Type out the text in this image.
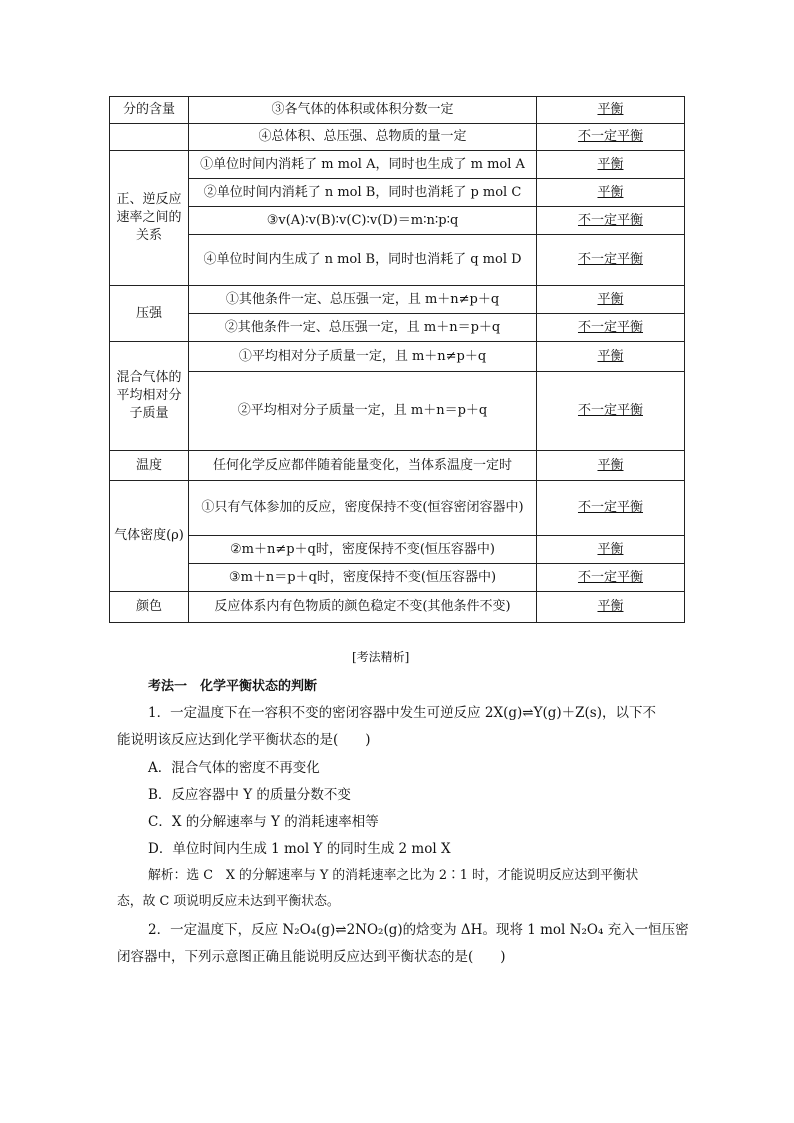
分的含量	③各气体的体积或体积分数一定	平衡
	④总体积、总压强、总物质的量一定	不一定平衡
正、逆反应速率之间的关系	①单位时间内消耗了 m mol A，同时也生成了 m mol A	平衡
	②单位时间内消耗了 n mol B，同时也消耗了 p mol C	平衡
	③v(A)∶v(B)∶v(C)∶v(D)＝m∶n∶p∶q	不一定平衡
	④单位时间内生成了 n mol B，同时也消耗了 q mol D	不一定平衡
压强	①其他条件一定、总压强一定，且 m＋n≠p＋q	平衡
	②其他条件一定、总压强一定，且 m＋n＝p＋q	不一定平衡
混合气体的平均相对分子质量	①平均相对分子质量一定，且 m＋n≠p＋q	平衡
	②平均相对分子质量一定，且 m＋n＝p＋q	不一定平衡
温度	任何化学反应都伴随着能量变化，当体系温度一定时	平衡
气体密度(ρ)	①只有气体参加的反应，密度保持不变(恒容密闭容器中)	不一定平衡
	②m＋n≠p＋q时，密度保持不变(恒压容器中)	平衡
	③m＋n＝p＋q时，密度保持不变(恒压容器中)	不一定平衡
颜色	反应体系内有色物质的颜色稳定不变(其他条件不变)	平衡
[考法精析]
考法一　化学平衡状态的判断
1．一定温度下在一容积不变的密闭容器中发生可逆反应 2X(g)⇌Y(g)＋Z(s)，以下不
能说明该反应达到化学平衡状态的是(　　)
A．混合气体的密度不再变化
B．反应容器中 Y 的质量分数不变
C．X 的分解速率与 Y 的消耗速率相等
D．单位时间内生成 1 mol Y 的同时生成 2 mol X
解析：选 C　X 的分解速率与 Y 的消耗速率之比为 2∶1 时，才能说明反应达到平衡状
态，故 C 项说明反应未达到平衡状态。
2．一定温度下，反应 N₂O₄(g)⇌2NO₂(g)的焓变为 ΔH。现将 1 mol N₂O₄ 充入一恒压密
闭容器中，下列示意图正确且能说明反应达到平衡状态的是(　　)
